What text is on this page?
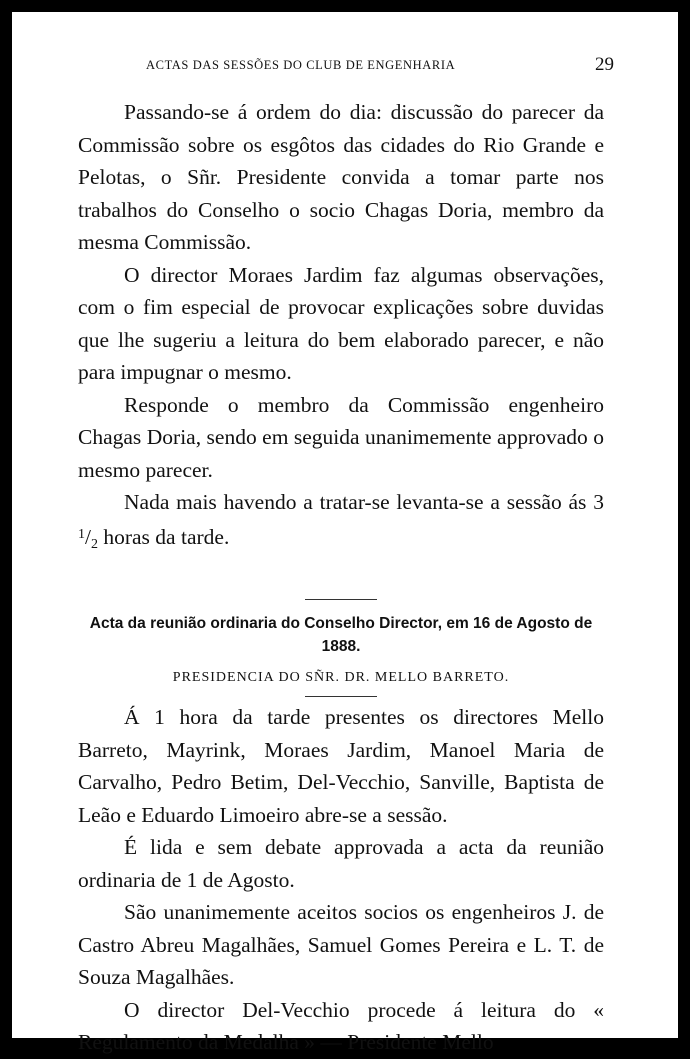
ACTAS DAS SESSÕES DO CLUB DE ENGENHARIA	29

Passando-se á ordem do dia: discussão do parecer da Commissão sobre os esgôtos das cidades do Rio Grande e Pelotas, o Sñr. Presidente convida a tomar parte nos trabalhos do Conselho o socio Chagas Doria, membro da mesma Commissão.

O director Moraes Jardim faz algumas observações, com o fim especial de provocar explicações sobre duvidas que lhe sugeriu a leitura do bem elaborado parecer, e não para impugnar o mesmo.

Responde o membro da Commissão engenheiro Chagas Doria, sendo em seguida unanimemente approvado o mesmo parecer.

Nada mais havendo a tratar-se levanta-se a sessão ás 3 $^1$/2 horas da tarde.

Acta da reunião ordinaria do Conselho Director, em 16 de Agosto de 1888.

PRESIDENCIA DO SÑR. DR. MELLO BARRETO.

Á 1 hora da tarde presentes os directores Mello Barreto, Mayrink, Moraes Jardim, Manoel Maria de Carvalho, Pedro Betim, Del-Vecchio, Sanville, Baptista de Leão e Eduardo Limoeiro abre-se a sessão.

É lida e sem debate approvada a acta da reunião ordinaria de 1 de Agosto.

São unanimemente aceitos socios os engenheiros J. de Castro Abreu Magalhães, Samuel Gomes Pereira e L. T. de Souza Magalhães.

O director Del-Vecchio procede á leitura do « Regulamento da Medalha » — Presidente Mello
